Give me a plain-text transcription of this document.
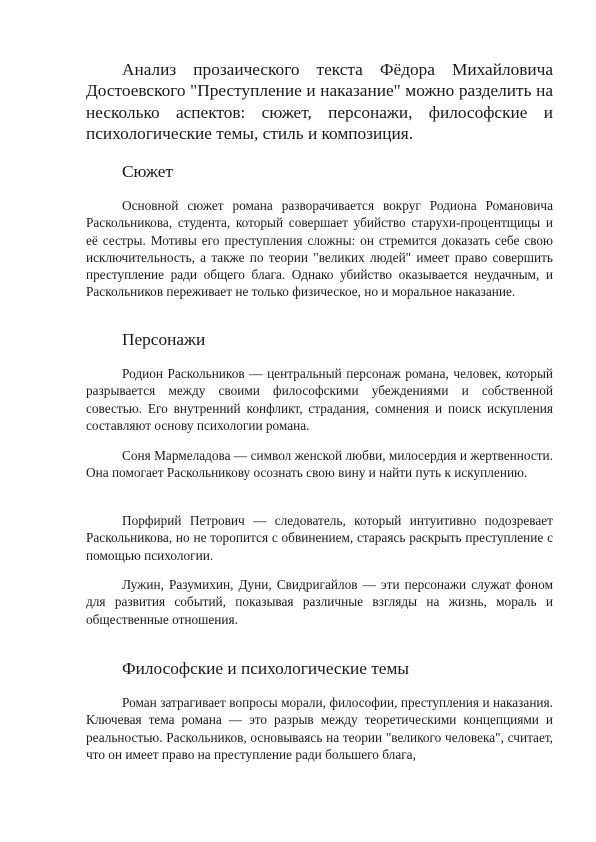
Анализ прозаического текста Фёдора Михайловича Достоевского "Преступление и наказание" можно разделить на несколько аспектов: сюжет, персонажи, философские и психологические темы, стиль и композиция.

Сюжет

Основной сюжет романа разворачивается вокруг Родиона Романовича Раскольникова, студента, который совершает убийство старухи-процентщицы и её сестры. Мотивы его преступления сложны: он стремится доказать себе свою исключительность, а также по теории "великих людей" имеет право совершить преступление ради общего блага. Однако убийство оказывается неудачным, и Раскольников переживает не только физическое, но и моральное наказание.

Персонажи

Родион Раскольников — центральный персонаж романа, человек, который разрывается между своими философскими убеждениями и собственной совестью. Его внутренний конфликт, страдания, сомнения и поиск искупления составляют основу психологии романа.

Соня Мармеладова — символ женской любви, милосердия и жертвенности. Она помогает Раскольникову осознать свою вину и найти путь к искуплению.

Порфирий Петрович — следователь, который интуитивно подозревает Раскольникова, но не торопится с обвинением, стараясь раскрыть преступление с помощью психологии.

Лужин, Разумихин, Дуни, Свидригайлов — эти персонажи служат фоном для развития событий, показывая различные взгляды на жизнь, мораль и общественные отношения.

Философские и психологические темы

Роман затрагивает вопросы морали, философии, преступления и наказания. Ключевая тема романа — это разрыв между теоретическими концепциями и реальностью. Раскольников, основываясь на теории "великого человека", считает, что он имеет право на преступление ради большего блага,
